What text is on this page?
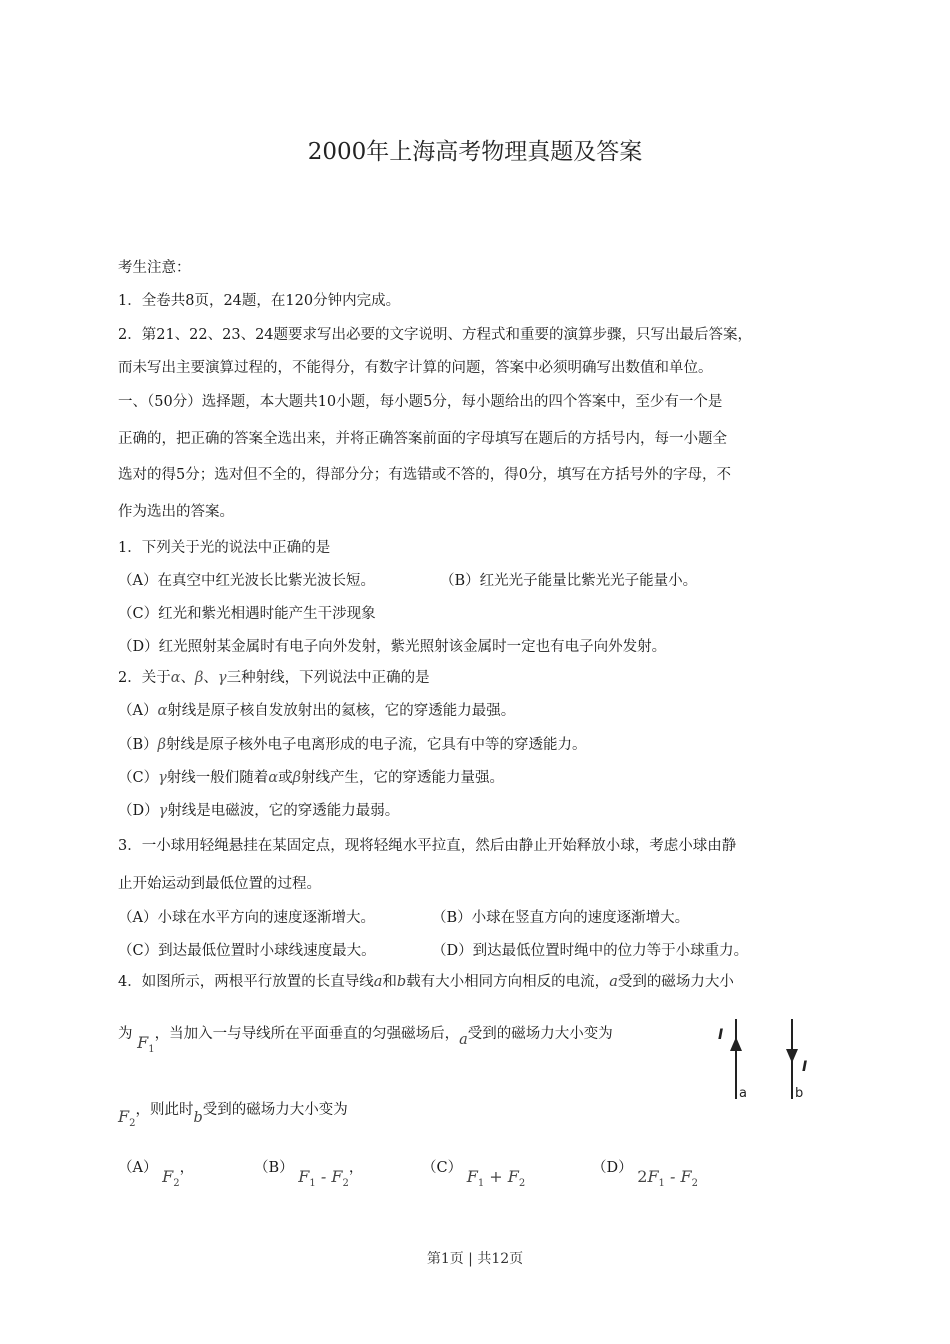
2000年上海高考物理真题及答案
考生注意：
1．全卷共8页，24题，在120分钟内完成。
2．第21、22、23、24题要求写出必要的文字说明、方程式和重要的演算步骤，只写出最后答案，
而未写出主要演算过程的，不能得分，有数字计算的问题，答案中必须明确写出数值和单位。
一、（50分）选择题，本大题共10小题，每小题5分，每小题给出的四个答案中，至少有一个是
正确的，把正确的答案全选出来，并将正确答案前面的字母填写在题后的方括号内，每一小题全
选对的得5分；选对但不全的，得部分分；有选错或不答的，得0分，填写在方括号外的字母，不
作为选出的答案。
1．下列关于光的说法中正确的是
（A）在真空中红光波长比紫光波长短。	（B）红光光子能量比紫光光子能量小。
（C）红光和紫光相遇时能产生干涉现象
（D）红光照射某金属时有电子向外发射，紫光照射该金属时一定也有电子向外发射。
2．关于α、β、γ三种射线，下列说法中正确的是
（A）α射线是原子核自发放射出的氦核，它的穿透能力最强。
（B）β射线是原子核外电子电离形成的电子流，它具有中等的穿透能力。
（C）γ射线一般们随着α或β射线产生，它的穿透能力量强。
（D）γ射线是电磁波，它的穿透能力最弱。
3．一小球用轻绳悬挂在某固定点，现将轻绳水平拉直，然后由静止开始释放小球，考虑小球由静
止开始运动到最低位置的过程。
（A）小球在水平方向的速度逐渐增大。	（B）小球在竖直方向的速度逐渐增大。
（C）到达最低位置时小球线速度最大。	（D）到达最低位置时绳中的位力等于小球重力。
4．如图所示，两根平行放置的长直导线a和b载有大小相同方向相反的电流，a受到的磁场力大小
为 $F_1$，当加入一与导线所在平面垂直的匀强磁场后，a受到的磁场力大小变为
$F_2$，则此时b受到的磁场力大小变为
I
I
a	b
（A） $F_2$，	（B） $F_1 - F_2$，	（C） $F_1 + F_2$
（D） $2F_1 - F_2$
第1页 | 共12页
